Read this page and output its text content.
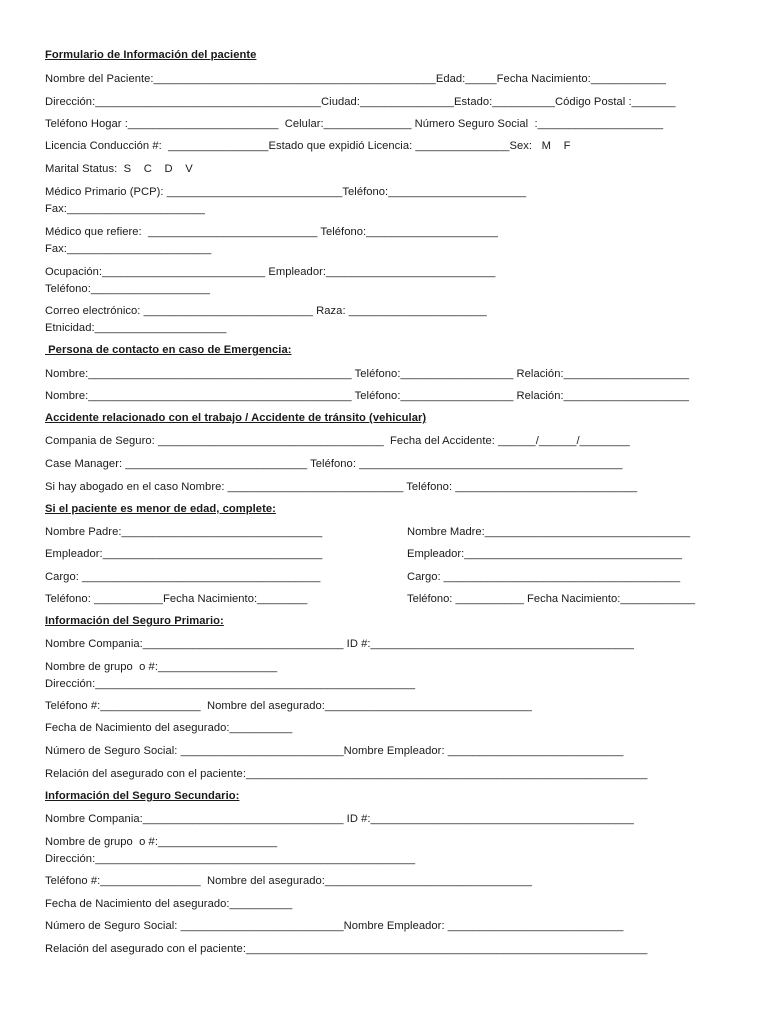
Formulario de Información del paciente
Nombre del Paciente:_____________________________________________Edad:_____Fecha Nacimiento:____________
Dirección:____________________________________Ciudad:_______________Estado:__________Código Postal :_______
Teléfono Hogar :________________________  Celular:______________ Número Seguro Social  :____________________
Licencia Conducción #:  ________________Estado que expidió Licencia: _______________Sex:   M    F
Marital Status:  S    C    D    V
Médico Primario (PCP): ____________________________Teléfono:______________________
Fax:______________________
Médico que refiere:  ___________________________ Teléfono:_____________________
Fax:_______________________
Ocupación:__________________________ Empleador:___________________________
Teléfono:___________________
Correo electrónico: ___________________________ Raza: ______________________
Etnicidad:_____________________
Persona de contacto en caso de Emergencia:
Nombre:__________________________________________ Teléfono:__________________ Relación:____________________
Nombre:__________________________________________ Teléfono:__________________ Relación:____________________
Accidente relacionado con el trabajo / Accidente de tránsito (vehicular)
Compania de Seguro: ____________________________________  Fecha del Accidente: ______/______/________
Case Manager: _____________________________ Teléfono: __________________________________________
Si hay abogado en el caso Nombre: ____________________________ Teléfono: _____________________________
Si el paciente es menor de edad, complete:
Nombre Padre:________________________________	Nombre Madre:_________________________________
Empleador:___________________________________	Empleador:___________________________________
Cargo: ______________________________________	Cargo: ______________________________________
Teléfono: ___________Fecha Nacimiento:________	Teléfono: ___________ Fecha Nacimiento:____________
Información del Seguro Primario:
Nombre Compania:________________________________ ID #:__________________________________________
Nombre de grupo  o #:___________________
Dirección:___________________________________________________
Teléfono #:________________  Nombre del asegurado:_________________________________
Fecha de Nacimiento del asegurado:__________
Número de Seguro Social: __________________________Nombre Empleador: ____________________________
Relación del asegurado con el paciente:________________________________________________________________
Información del Seguro Secundario:
Nombre Compania:________________________________ ID #:__________________________________________
Nombre de grupo  o #:___________________
Dirección:___________________________________________________
Teléfono #:________________  Nombre del asegurado:_________________________________
Fecha de Nacimiento del asegurado:__________
Número de Seguro Social: __________________________Nombre Empleador: ____________________________
Relación del asegurado con el paciente:________________________________________________________________
